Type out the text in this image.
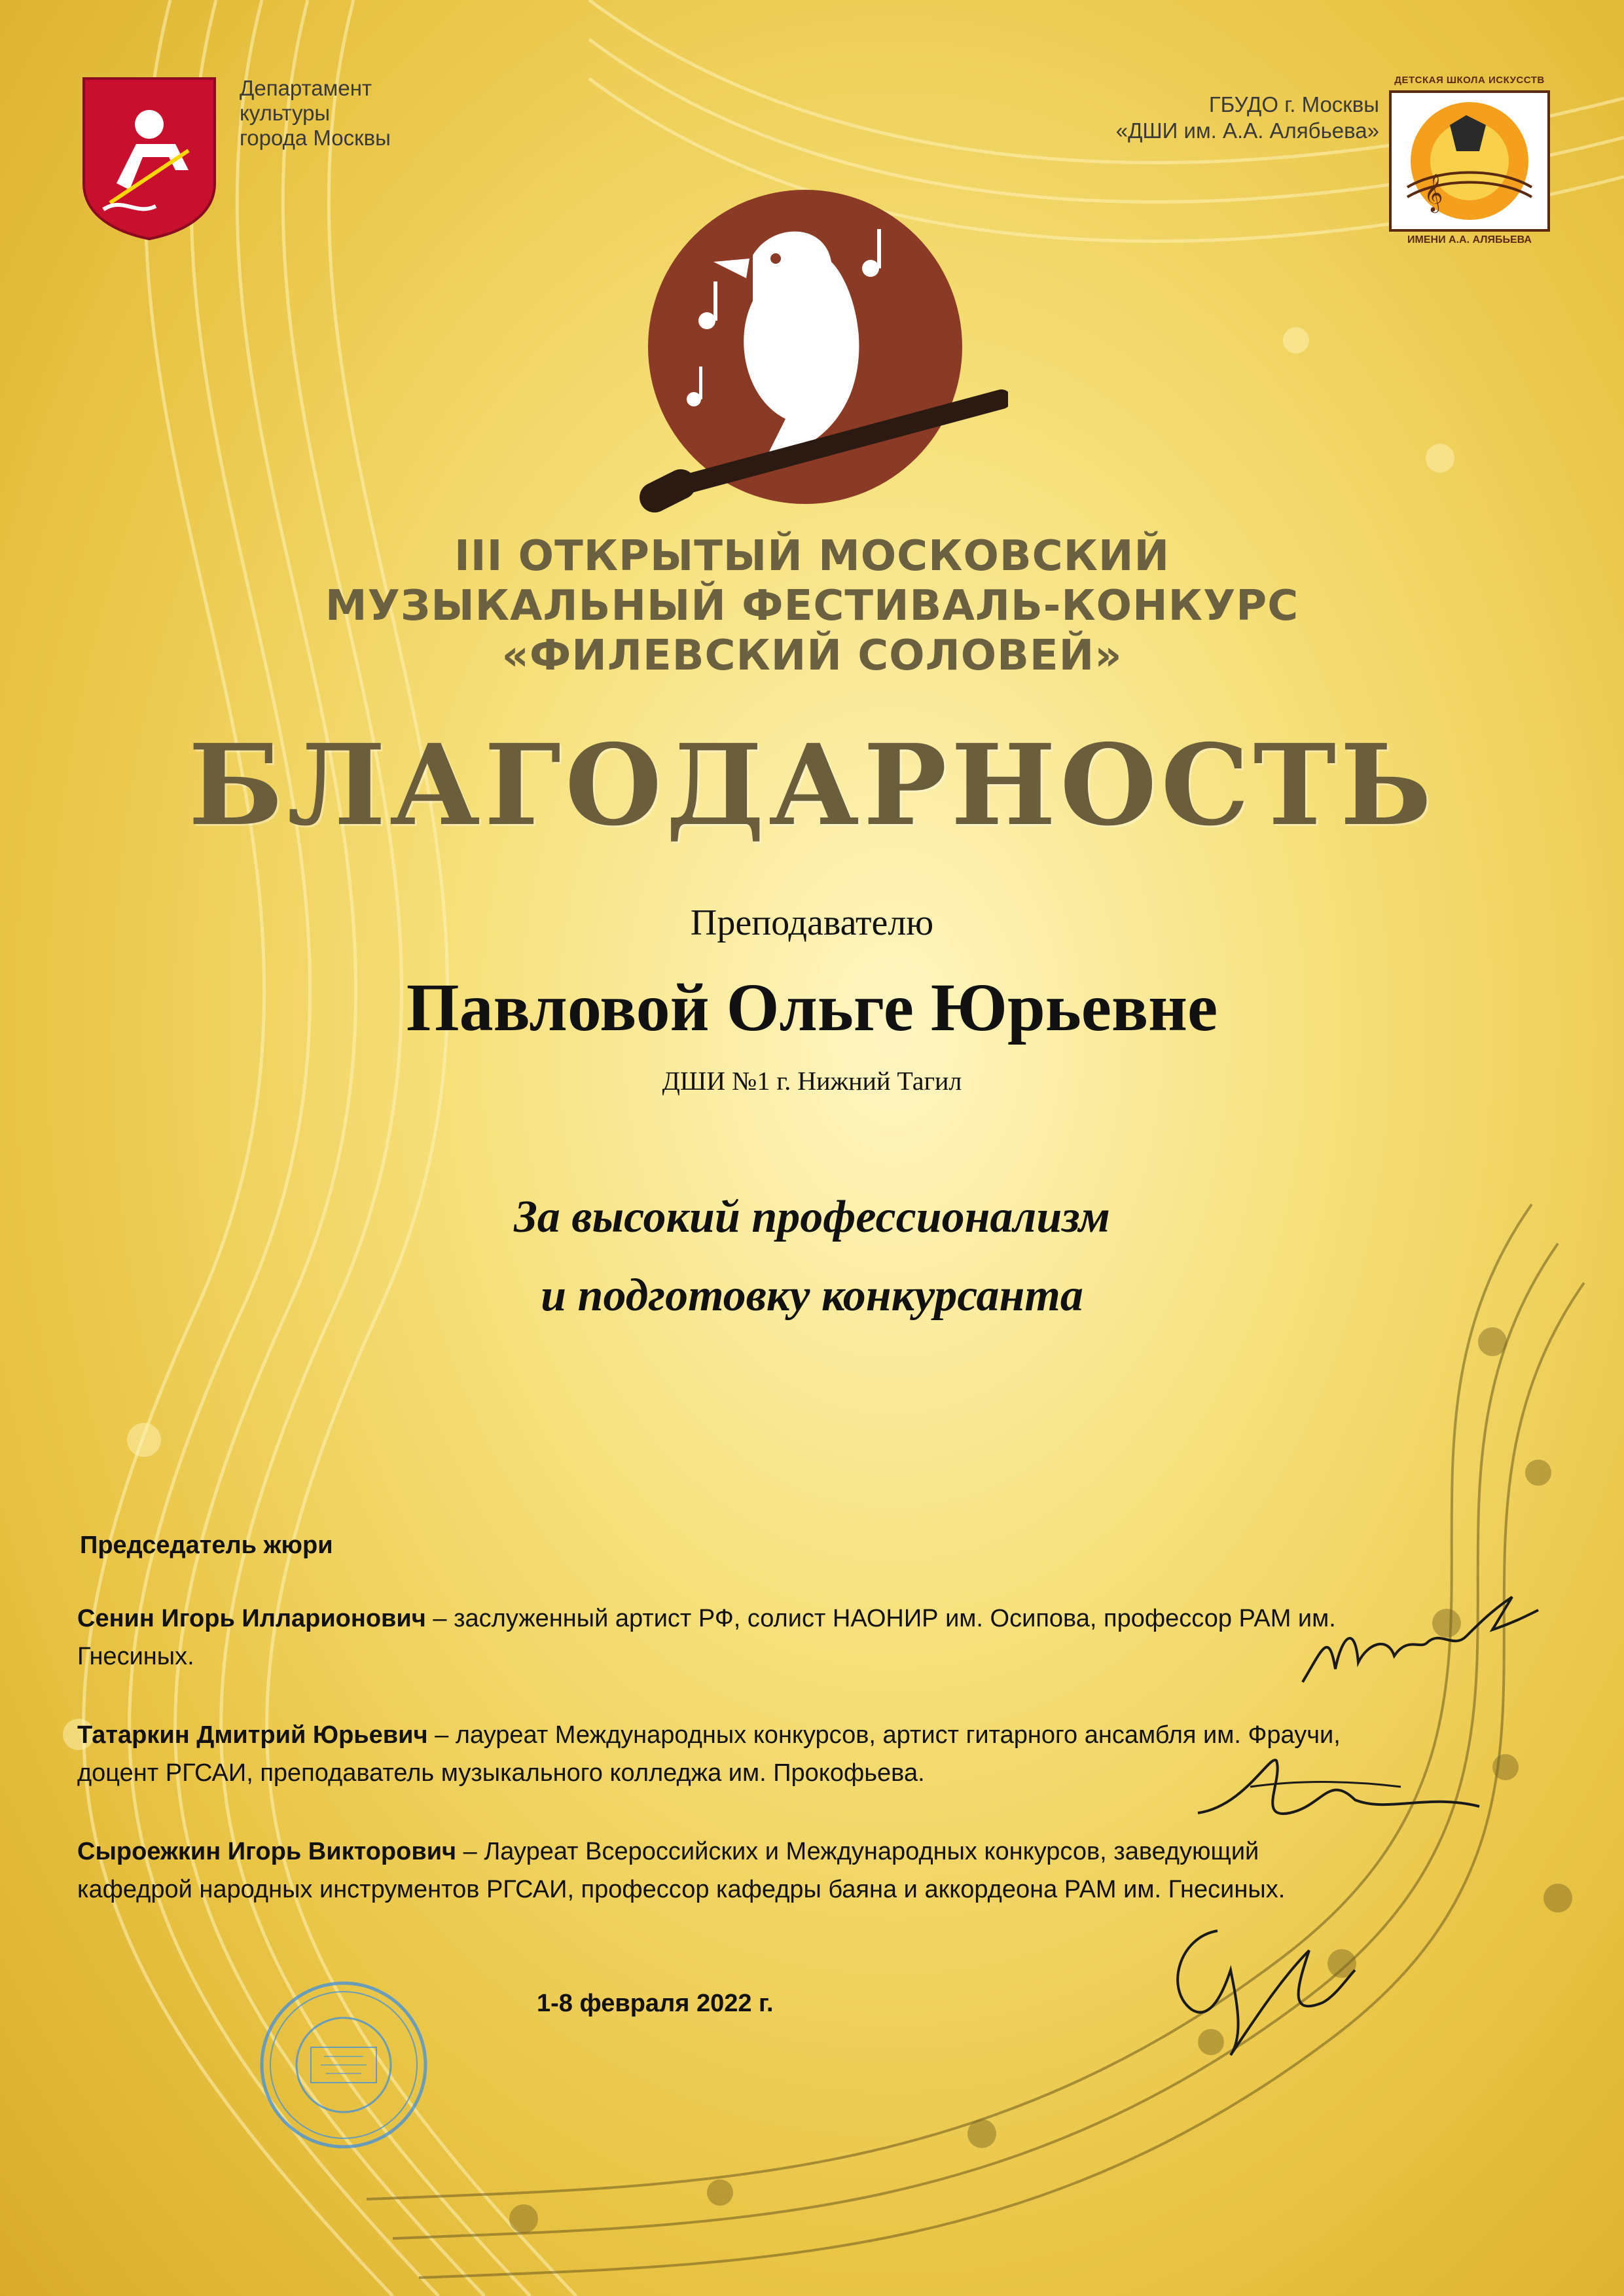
Департамент
культуры
города Москвы
ГБУДО г. Москвы
«ДШИ им. А.А. Алябьева»
ДЕТСКАЯ ШКОЛА ИСКУССТВ
𝄞
ИМЕНИ А.А. АЛЯБЬЕВА
III ОТКРЫТЫЙ МОСКОВСКИЙ
МУЗЫКАЛЬНЫЙ ФЕСТИВАЛЬ-КОНКУРС
«ФИЛЕВСКИЙ СОЛОВЕЙ»
БЛАГОДАРНОСТЬ
Преподавателю
Павловой Ольге Юрьевне
ДШИ №1 г. Нижний Тагил
За высокий профессионализм
и подготовку конкурсанта
Председатель жюри
Сенин Игорь Илларионович – заслуженный артист РФ, солист НАОНИР им. Осипова, профессор РАМ им. Гнесиных.
Татаркин Дмитрий Юрьевич – лауреат Международных конкурсов, артист гитарного ансамбля им. Фраучи, доцент РГСАИ, преподаватель музыкального колледжа им. Прокофьева.
Сыроежкин Игорь Викторович – Лауреат Всероссийских и Международных конкурсов, заведующий кафедрой народных инструментов РГСАИ, профессор кафедры баяна и аккордеона РАМ им. Гнесиных.
1-8 февраля 2022 г.
